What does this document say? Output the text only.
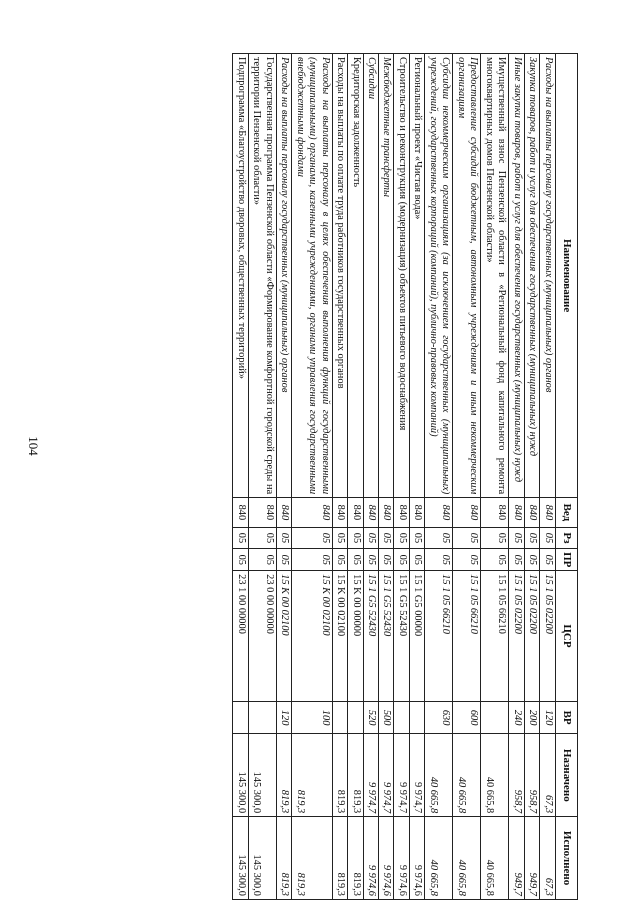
104
Наименование	Вед	Рз	ПР	ЦСР	ВР	Назначено	Исполнено
Расходы на выплаты персоналу государственных (муниципальных) органов	840	05	05	15 1 05 02200	120	67,3	67,3
Закупка товаров, работ и услуг для обеспечения государственных (муниципальных) нужд	840	05	05	15 1 05 02200	200	958,7	949,7
Иные закупки товаров, работ и услуг для обеспечения государственных (муниципальных) нужд	840	05	05	15 1 05 02200	240	958,7	949,7
Имущественный взнос Пензенской области в «Региональный фонд капитального ремонта многоквартирных домов Пензенской области»	840	05	05	15 1 05 66210		40 665,8	40 665,8
Предоставление субсидий бюджетным, автономным учреждениям и иным некоммерческим организациям	840	05	05	15 1 05 66210	600	40 665,8	40 665,8
Субсидии некоммерческим организациям (за исключением государственных (муниципальных) учреждений, государственных корпораций (компаний), публично-правовых компаний)	840	05	05	15 1 05 66210	630	40 665,8	40 665,8
Региональный проект «Чистая вода»	840	05	05	15 1 G5 00000		9 974,7	9 974,6
Строительство и реконструкция (модернизация) объектов питьевого водоснабжения	840	05	05	15 1 G5 52430		9 974,7	9 974,6
Межбюджетные трансферты	840	05	05	15 1 G5 52430	500	9 974,7	9 974,6
Субсидии	840	05	05	15 1 G5 52430	520	9 974,7	9 974,6
Кредиторская задолженность	840	05	05	15 K 00 00000		819,3	819,3
Расходы на выплаты по оплате труда работников государственных органов	840	05	05	15 K 00 02100		819,3	819,3
Расходы на выплаты персоналу в целях обеспечения выполнения функций государственными (муниципальными) органами, казенными учреждениями, органами управления государственными внебюджетными фондами	840	05	05	15 K 00 02100	100	819,3	819,3
Расходы на выплаты персоналу государственных (муниципальных) органов	840	05	05	15 K 00 02100	120	819,3	819,3
Государственная программа Пензенской области «Формирование комфортной городской среды на территории Пензенской области»	840	05	05	23 0 00 00000		145 300,0	145 300,0
Подпрограмма «Благоустройство дворовых, общественных территорий»	840	05	05	23 1 00 00000		145 300,0	145 300,0
